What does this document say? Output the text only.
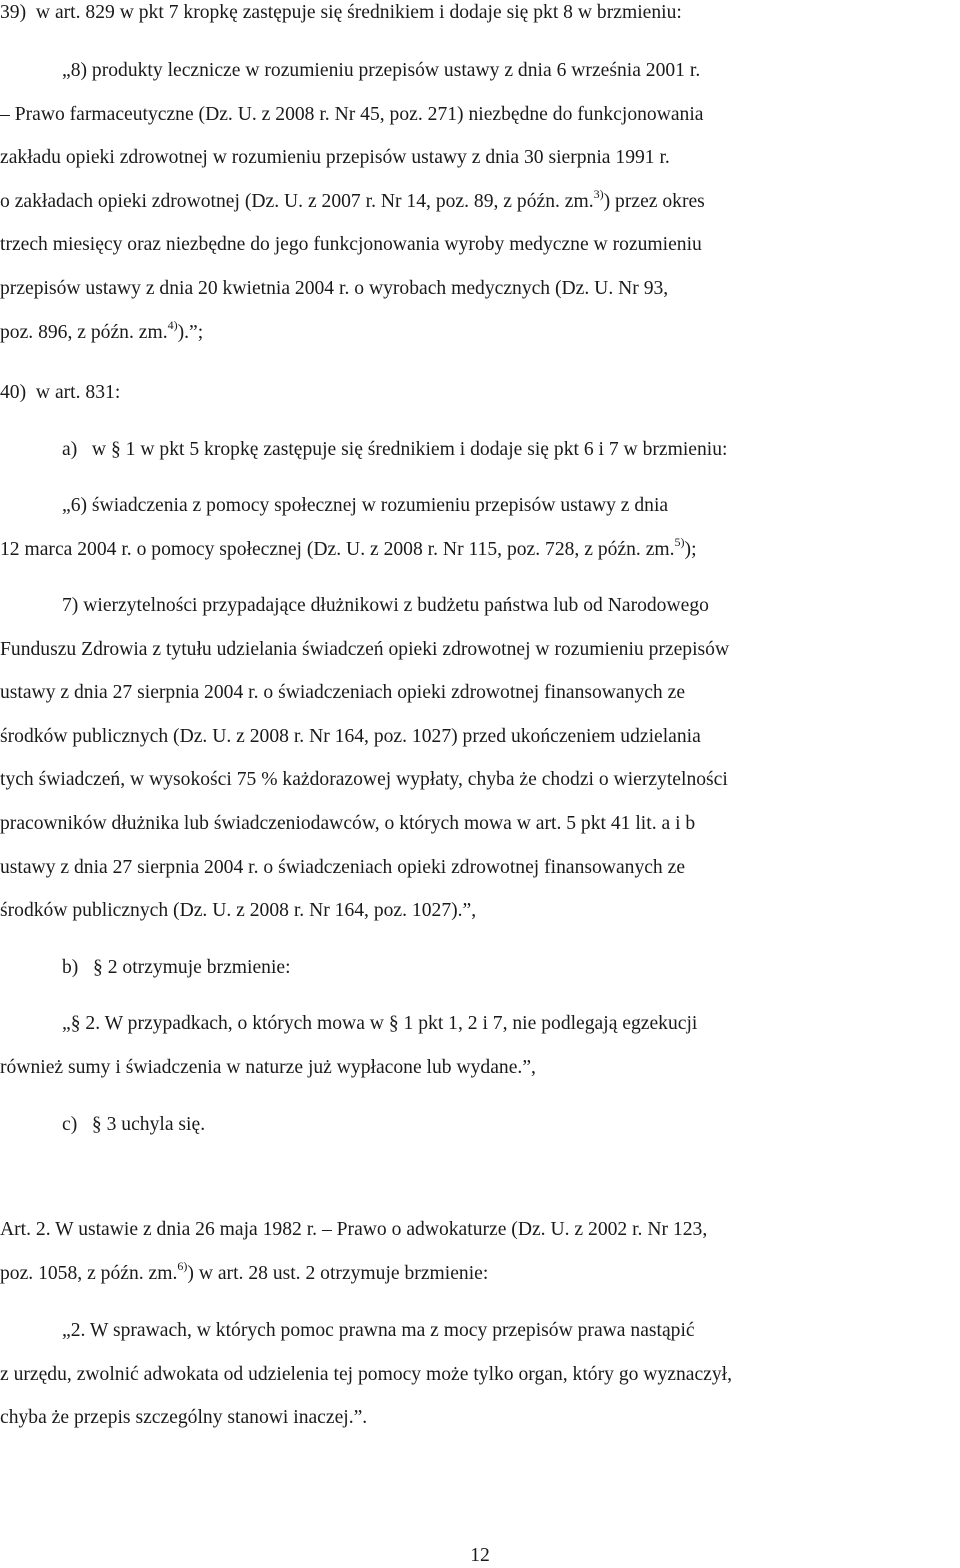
39)  w art. 829 w pkt 7 kropkę zastępuje się średnikiem i dodaje się pkt 8 w brzmieniu:
„8) produkty lecznicze w rozumieniu przepisów ustawy z dnia 6 września 2001 r.
– Prawo farmaceutyczne (Dz. U. z 2008 r. Nr 45, poz. 271) niezbędne do funkcjonowania
zakładu opieki zdrowotnej w rozumieniu przepisów ustawy z dnia 30 sierpnia 1991 r.
o zakładach opieki zdrowotnej (Dz. U. z 2007 r. Nr 14, poz. 89, z późn. zm.$^{3)}$) przez okres
trzech miesięcy oraz niezbędne do jego funkcjonowania wyroby medyczne w rozumieniu
przepisów ustawy z dnia 20 kwietnia 2004 r. o wyrobach medycznych (Dz. U. Nr 93,
poz. 896, z późn. zm.$^{4)}$).”;
40)  w art. 831:
a)   w § 1 w pkt 5 kropkę zastępuje się średnikiem i dodaje się pkt 6 i 7 w brzmieniu:
„6) świadczenia z pomocy społecznej w rozumieniu przepisów ustawy z dnia
12 marca 2004 r. o pomocy społecznej (Dz. U. z 2008 r. Nr 115, poz. 728, z późn. zm.$^{5)}$);
7) wierzytelności przypadające dłużnikowi z budżetu państwa lub od Narodowego
Funduszu Zdrowia z tytułu udzielania świadczeń opieki zdrowotnej w rozumieniu przepisów
ustawy z dnia 27 sierpnia 2004 r. o świadczeniach opieki zdrowotnej finansowanych ze
środków publicznych (Dz. U. z 2008 r. Nr 164, poz. 1027) przed ukończeniem udzielania
tych świadczeń, w wysokości 75 % każdorazowej wypłaty, chyba że chodzi o wierzytelności
pracowników dłużnika lub świadczeniodawców, o których mowa w art. 5 pkt 41 lit. a i b
ustawy z dnia 27 sierpnia 2004 r. o świadczeniach opieki zdrowotnej finansowanych ze
środków publicznych (Dz. U. z 2008 r. Nr 164, poz. 1027).”,
b)   § 2 otrzymuje brzmienie:
„§ 2. W przypadkach, o których mowa w § 1 pkt 1, 2 i 7, nie podlegają egzekucji
również sumy i świadczenia w naturze już wypłacone lub wydane.”,
c)   § 3 uchyla się.
Art. 2. W ustawie z dnia 26 maja 1982 r. – Prawo o adwokaturze (Dz. U. z 2002 r. Nr 123,
poz. 1058, z późn. zm.$^{6)}$) w art. 28 ust. 2 otrzymuje brzmienie:
„2. W sprawach, w których pomoc prawna ma z mocy przepisów prawa nastąpić
z urzędu, zwolnić adwokata od udzielenia tej pomocy może tylko organ, który go wyznaczył,
chyba że przepis szczególny stanowi inaczej.”.
12
